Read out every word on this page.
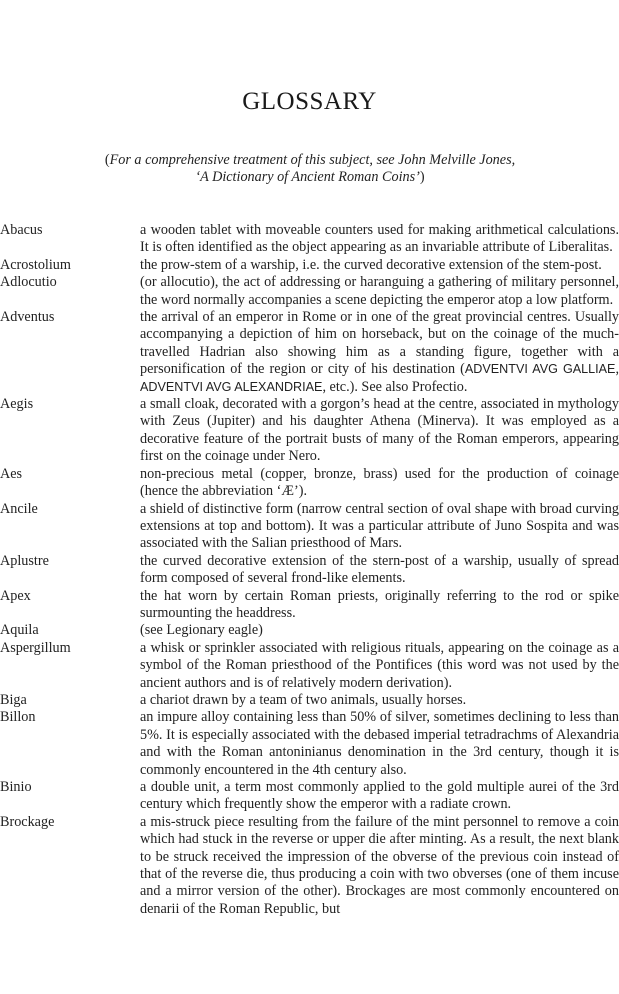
GLOSSARY
(For a comprehensive treatment of this subject, see John Melville Jones,
‘A Dictionary of Ancient Roman Coins’)
Abacus	a wooden tablet with moveable counters used for making arithmetical calculations. It is often identified as the object appearing as an invariable attribute of Liberalitas.
Acrostolium	the prow-stem of a warship, i.e. the curved decorative extension of the stem-post.
Adlocutio	(or allocutio), the act of addressing or haranguing a gathering of military personnel, the word normally accompanies a scene depicting the emperor atop a low platform.
Adventus	the arrival of an emperor in Rome or in one of the great provincial centres. Usually accompanying a depiction of him on horseback, but on the coinage of the much-travelled Hadrian also showing him as a standing figure, together with a personification of the region or city of his destination (ADVENTVI AVG GALLIAE, ADVENTVI AVG ALEXANDRIAE, etc.). See also Profectio.
Aegis	a small cloak, decorated with a gorgon’s head at the centre, associated in mythology with Zeus (Jupiter) and his daughter Athena (Minerva). It was employed as a decorative feature of the portrait busts of many of the Roman emperors, appearing first on the coinage under Nero.
Aes	non-precious metal (copper, bronze, brass) used for the production of coinage (hence the abbreviation ‘Æ’).
Ancile	a shield of distinctive form (narrow central section of oval shape with broad curving extensions at top and bottom). It was a particular attribute of Juno Sospita and was associated with the Salian priesthood of Mars.
Aplustre	the curved decorative extension of the stern-post of a warship, usually of spread form composed of several frond-like elements.
Apex	the hat worn by certain Roman priests, originally referring to the rod or spike surmounting the headdress.
Aquila	(see Legionary eagle)
Aspergillum	a whisk or sprinkler associated with religious rituals, appearing on the coinage as a symbol of the Roman priesthood of the Pontifices (this word was not used by the ancient authors and is of relatively modern derivation).
Biga	a chariot drawn by a team of two animals, usually horses.
Billon	an impure alloy containing less than 50% of silver, sometimes declining to less than 5%. It is especially associated with the debased imperial tetradrachms of Alexandria and with the Roman antoninianus denomination in the 3rd century, though it is commonly encountered in the 4th century also.
Binio	a double unit, a term most commonly applied to the gold multiple aurei of the 3rd century which frequently show the emperor with a radiate crown.
Brockage	a mis-struck piece resulting from the failure of the mint personnel to remove a coin which had stuck in the reverse or upper die after minting. As a result, the next blank to be struck received the impression of the obverse of the previous coin instead of that of the reverse die, thus producing a coin with two obverses (one of them incuse and a mirror version of the other). Brockages are most commonly encountered on denarii of the Roman Republic, but
